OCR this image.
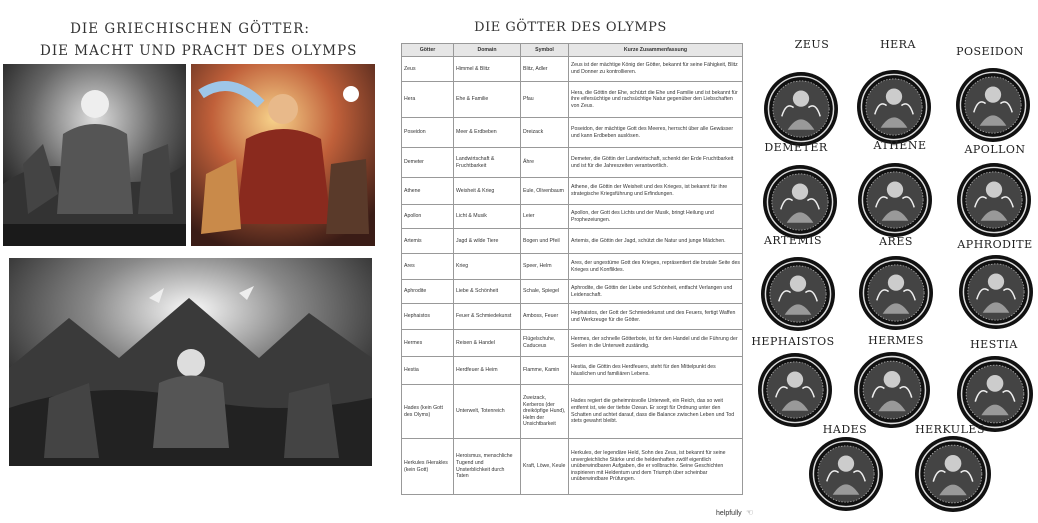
DIE GRIECHISCHEN GÖTTER:
DIE MACHT UND PRACHT DES OLYMPS
DIE GÖTTER DES OLYMPS
Götter	Domain	Symbol	Kurze Zusammenfassung
Zeus	Himmel & Blitz	Blitz, Adler	Zeus ist der mächtige König der Götter, bekannt für seine Fähigkeit, Blitz und Donner zu kontrollieren.
Hera	Ehe & Familie	Pfau	Hera, die Göttin der Ehe, schützt die Ehe und Familie und ist bekannt für ihre eifersüchtige und rachsüchtige Natur gegenüber den Liebschaften von Zeus.
Poseidon	Meer & Erdbeben	Dreizack	Poseidon, der mächtige Gott des Meeres, herrscht über alle Gewässer und kann Erdbeben auslösen.
Demeter	Landwirtschaft & Fruchtbarkeit	Ähre	Demeter, die Göttin der Landwirtschaft, schenkt der Erde Fruchtbarkeit und ist für die Jahreszeiten verantwortlich.
Athene	Weisheit & Krieg	Eule, Olivenbaum	Athene, die Göttin der Weisheit und des Krieges, ist bekannt für ihre strategische Kriegsführung und Erfindungen.
Apollon	Licht & Musik	Leier	Apollon, der Gott des Lichts und der Musik, bringt Heilung und Prophezeiungen.
Artemis	Jagd & wilde Tiere	Bogen und Pfeil	Artemis, die Göttin der Jagd, schützt die Natur und junge Mädchen.
Ares	Krieg	Speer, Helm	Ares, der ungestüme Gott des Krieges, repräsentiert die brutale Seite des Krieges und Konfliktes.
Aphrodite	Liebe & Schönheit	Schale, Spiegel	Aphrodite, die Göttin der Liebe und Schönheit, entfacht Verlangen und Leidenschaft.
Hephaistos	Feuer & Schmiedekunst	Amboss, Feuer	Hephaistos, der Gott der Schmiedekunst und des Feuers, fertigt Waffen und Werkzeuge für die Götter.
Hermes	Reisen & Handel	Flügelschuhe, Caduceus	Hermes, der schnelle Götterbote, ist für den Handel und die Führung der Seelen in die Unterwelt zuständig.
Hestia	Herdfeuer & Heim	Flamme, Kamin	Hestia, die Göttin des Herdfeuers, steht für den Mittelpunkt des häuslichen und familiären Lebens.
Hades (kein Gott des Olyms)	Unterwelt, Totenreich	Zweizack, Kerberos (der dreiköpfige Hund), Helm der Unsichtbarkeit	Hades regiert die geheimnisvolle Unterwelt, ein Reich, das so weit entfernt ist, wie der tiefste Ozean. Er sorgt für Ordnung unter den Schatten und achtet darauf, dass die Balance zwischen Leben und Tod stets gewahrt bleibt.
Herkules /Herakles (kein Gott)	Heroismus, menschliche Tugend und Unsterblichkeit durch Taten	Kraft, Löwe, Keule	Herkules, der legendäre Held, Sohn des Zeus, ist bekannt für seine unvergleichliche Stärke und die heldenhaften zwölf eigentlich unüberwindbaren Aufgaben, die er vollbrachte. Seine Geschichten inspirieren mit Heldentum und dem Triumph über scheinbar unüberwindbare Prüfungen.
helpfully ☜
ZEUS	HERA
POSEIDON
DEMETER	ATHENE	APOLLON
ARTEMIS	ARES	APHRODITE
HEPHAISTOS	HERMES	HESTIA
HADES	HERKULES
